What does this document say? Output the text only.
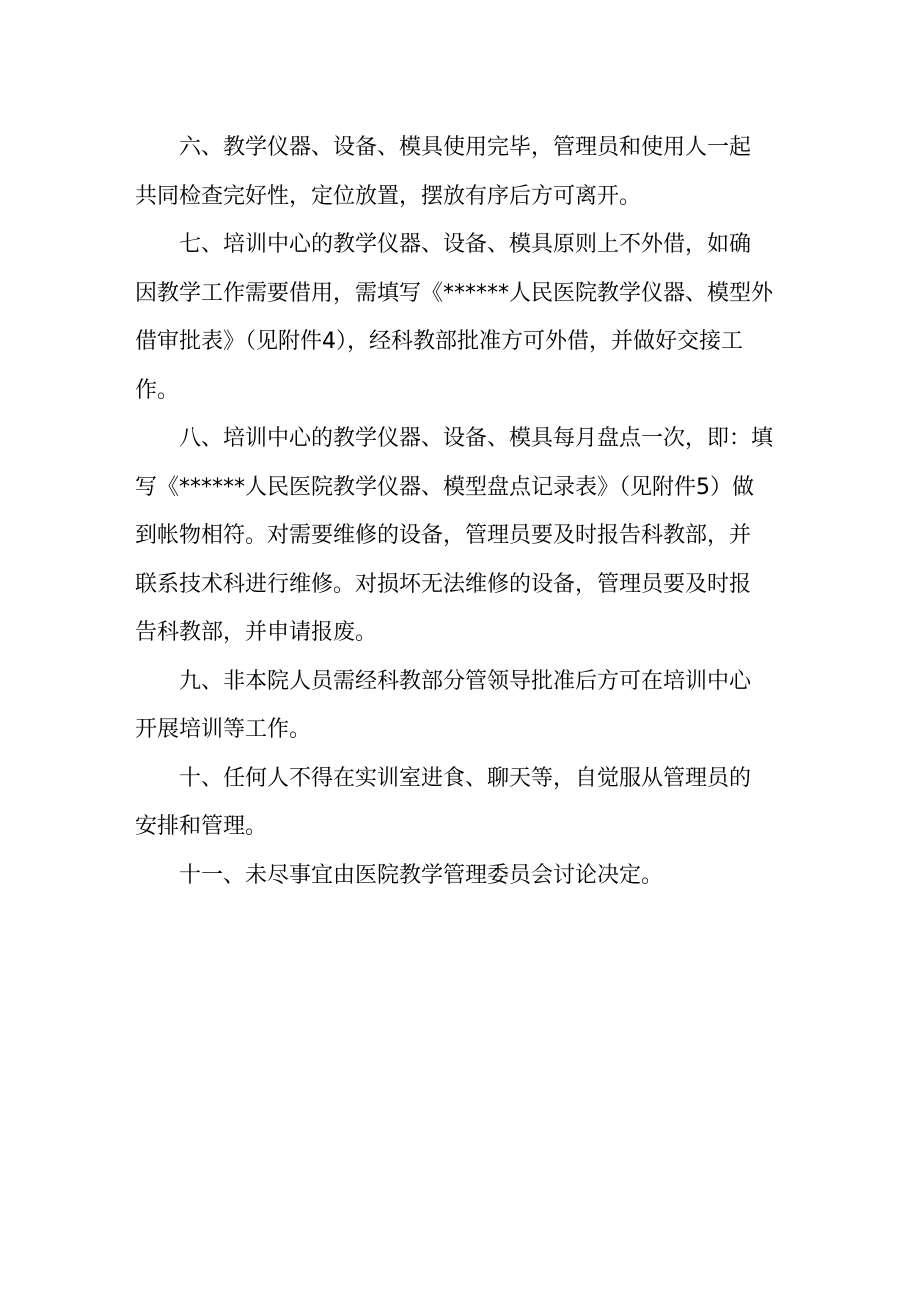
六、教学仪器、设备、模具使用完毕，管理员和使用人一起
共同检查完好性，定位放置，摆放有序后方可离开。

七、培训中心的教学仪器、设备、模具原则上不外借，如确
因教学工作需要借用，需填写《******人民医院教学仪器、模型外
借审批表》（见附件4），经科教部批准方可外借，并做好交接工
作。

八、培训中心的教学仪器、设备、模具每月盘点一次，即：填
写《******人民医院教学仪器、模型盘点记录表》（见附件5）做
到帐物相符。对需要维修的设备，管理员要及时报告科教部，并
联系技术科进行维修。对损坏无法维修的设备，管理员要及时报
告科教部，并申请报废。

九、非本院人员需经科教部分管领导批准后方可在培训中心
开展培训等工作。

十、任何人不得在实训室进食、聊天等，自觉服从管理员的
安排和管理。

十一、未尽事宜由医院教学管理委员会讨论决定。
